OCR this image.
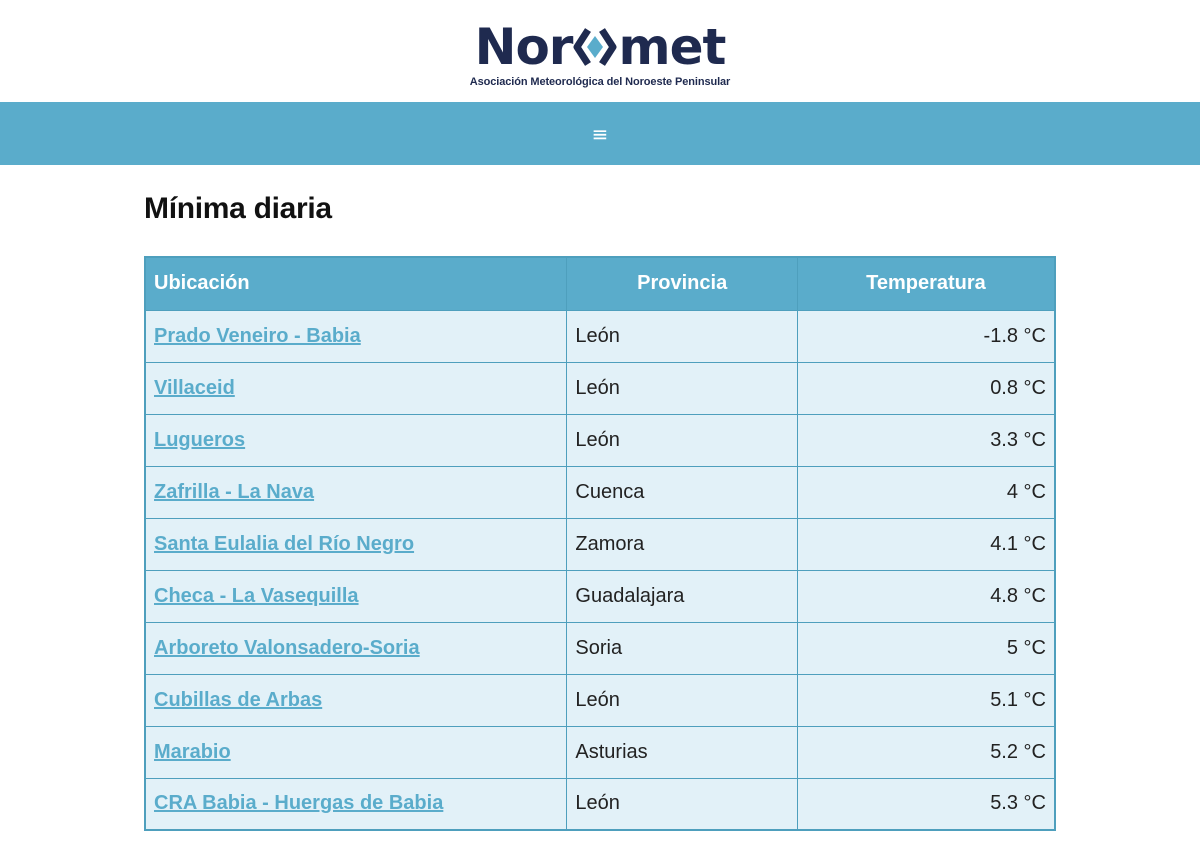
Nor met
Asociación Meteorológica del Noroeste Peninsular
≡
Mínima diaria
Ubicación	Provincia	Temperatura
Prado Veneiro - Babia	León	-1.8 °C
Villaceid	León	0.8 °C
Lugueros	León	3.3 °C
Zafrilla - La Nava	Cuenca	4 °C
Santa Eulalia del Río Negro	Zamora	4.1 °C
Checa - La Vasequilla	Guadalajara	4.8 °C
Arboreto Valonsadero-Soria	Soria	5 °C
Cubillas de Arbas	León	5.1 °C
Marabio	Asturias	5.2 °C
CRA Babia - Huergas de Babia	León	5.3 °C
